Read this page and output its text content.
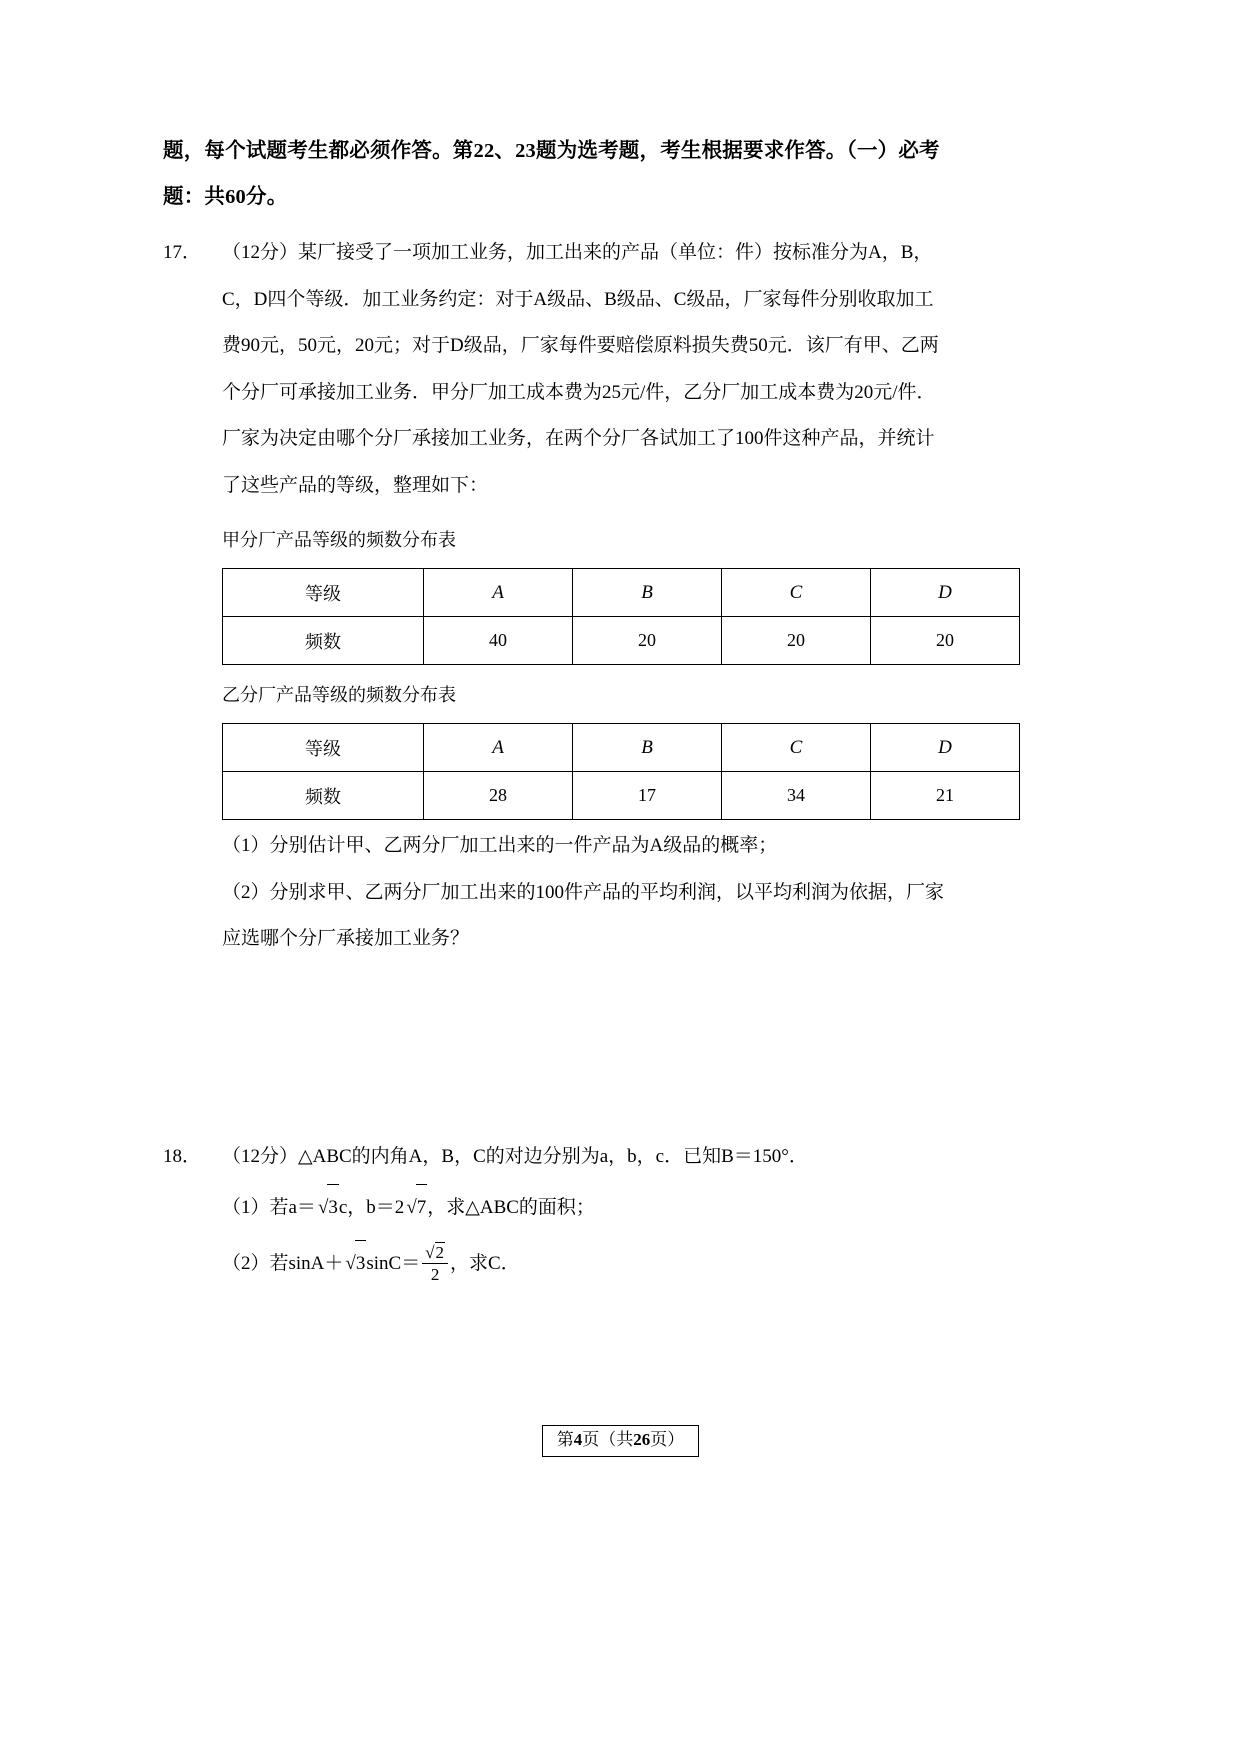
题，每个试题考生都必须作答。第22、23题为选考题，考生根据要求作答。（一）必考
题：共60分。
17． （12分）某厂接受了一项加工业务，加工出来的产品（单位：件）按标准分为A，B，
C，D四个等级．加工业务约定：对于A级品、B级品、C级品，厂家每件分别收取加工
费90元，50元，20元；对于D级品，厂家每件要赔偿原料损失费50元．该厂有甲、乙两
个分厂可承接加工业务．甲分厂加工成本费为25元/件，乙分厂加工成本费为20元/件．
厂家为决定由哪个分厂承接加工业务，在两个分厂各试加工了100件这种产品，并统计
了这些产品的等级，整理如下：
甲分厂产品等级的频数分布表
等级	A	B	C	D
频数	40	20	20	20
乙分厂产品等级的频数分布表
等级	A	B	C	D
频数	28	17	34	21
（1）分别估计甲、乙两分厂加工出来的一件产品为A级品的概率；
（2）分别求甲、乙两分厂加工出来的100件产品的平均利润，以平均利润为依据，厂家
应选哪个分厂承接加工业务？
18． （12分）△ABC的内角A，B，C的对边分别为a，b，c．已知B＝150°．
（1）若a＝ √3c，b＝2 √7，求△ABC的面积；
（2）若$\sin A+ √3\sin C= \frac{√2}{2}$ ，求C．
第4页（共26页）
